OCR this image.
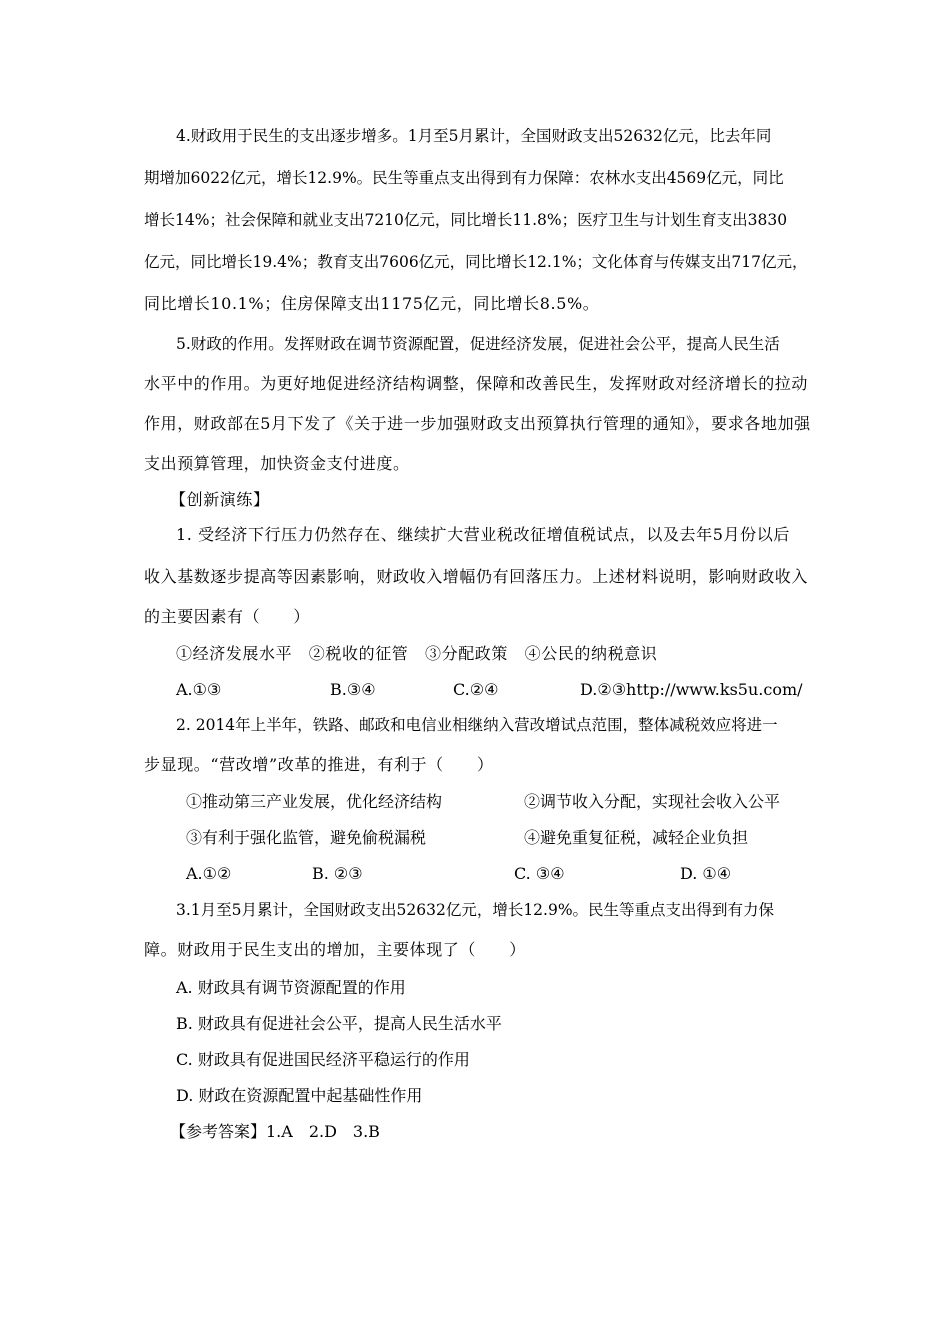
4.财政用于民生的支出逐步增多。1月至5月累计，全国财政支出52632亿元，比去年同
期增加6022亿元，增长12.9%。民生等重点支出得到有力保障：农林水支出4569亿元，同比
增长14%；社会保障和就业支出7210亿元，同比增长11.8%；医疗卫生与计划生育支出3830
亿元，同比增长19.4%；教育支出7606亿元，同比增长12.1%；文化体育与传媒支出717亿元，
同比增长10.1%；住房保障支出1175亿元，同比增长8.5%。
5.财政的作用。发挥财政在调节资源配置，促进经济发展，促进社会公平，提高人民生活
水平中的作用。为更好地促进经济结构调整，保障和改善民生，发挥财政对经济增长的拉动
作用，财政部在5月下发了《关于进一步加强财政支出预算执行管理的通知》，要求各地加强
支出预算管理，加快资金支付进度。
【创新演练】
1. 受经济下行压力仍然存在、继续扩大营业税改征增值税试点，以及去年5月份以后
收入基数逐步提高等因素影响，财政收入增幅仍有回落压力。上述材料说明，影响财政收入
的主要因素有（　　）
①经济发展水平　②税收的征管　③分配政策　④公民的纳税意识
A.①③	B.③④	C.②④	D.②③http://www.ks5u.com/
2. 2014年上半年，铁路、邮政和电信业相继纳入营改增试点范围，整体减税效应将进一
步显现。“营改增”改革的推进，有利于（　　）
①推动第三产业发展，优化经济结构	②调节收入分配，实现社会收入公平
③有利于强化监管，避免偷税漏税	④避免重复征税，减轻企业负担
A.①②	B. ②③	C. ③④	D. ①④
3.1月至5月累计，全国财政支出52632亿元，增长12.9%。民生等重点支出得到有力保
障。财政用于民生支出的增加，主要体现了（　　）
A. 财政具有调节资源配置的作用
B. 财政具有促进社会公平，提高人民生活水平
C. 财政具有促进国民经济平稳运行的作用
D. 财政在资源配置中起基础性作用
【参考答案】1.A　2.D　3.B
